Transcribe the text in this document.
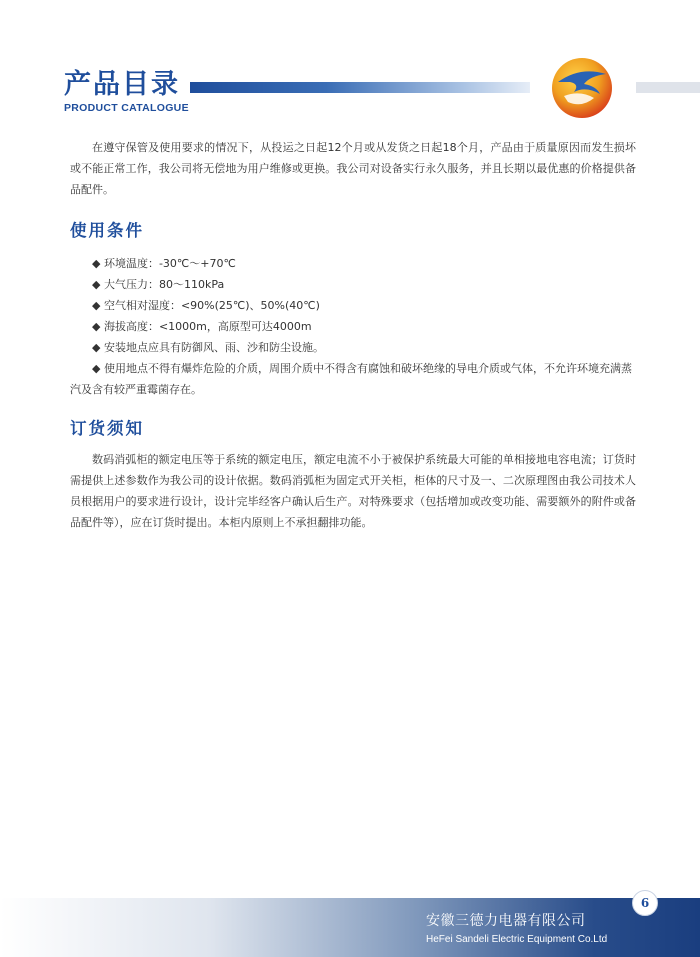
产品目录
PRODUCT CATALOGUE

在遵守保管及使用要求的情况下，从投运之日起12个月或从发货之日起18个月，产品由于质量原因而发生损坏或不能正常工作，我公司将无偿地为用户维修或更换。我公司对设备实行永久服务，并且长期以最优惠的价格提供备品配件。

使用条件

◆ 环境温度：-30℃～+70℃

◆ 大气压力：80～110kPa

◆ 空气相对湿度：<90%(25℃)、50%(40℃)

◆ 海拔高度：<1000m，高原型可达4000m

◆ 安装地点应具有防御风、雨、沙和防尘设施。

◆ 使用地点不得有爆炸危险的介质，周围介质中不得含有腐蚀和破坏绝缘的导电介质或气体，不允许环境充满蒸汽及含有较严重霉菌存在。

订货须知

数码消弧柜的额定电压等于系统的额定电压，额定电流不小于被保护系统最大可能的单相接地电容电流；订货时需提供上述参数作为我公司的设计依据。数码消弧柜为固定式开关柜，柜体的尺寸及一、二次原理图由我公司技术人员根据用户的要求进行设计，设计完毕经客户确认后生产。对特殊要求（包括增加或改变功能、需要额外的附件或备品配件等），应在订货时提出。本柜内原则上不承担翻排功能。

安徽三德力电器有限公司
HeFei Sandeli Electric Equipment Co.Ltd
6
